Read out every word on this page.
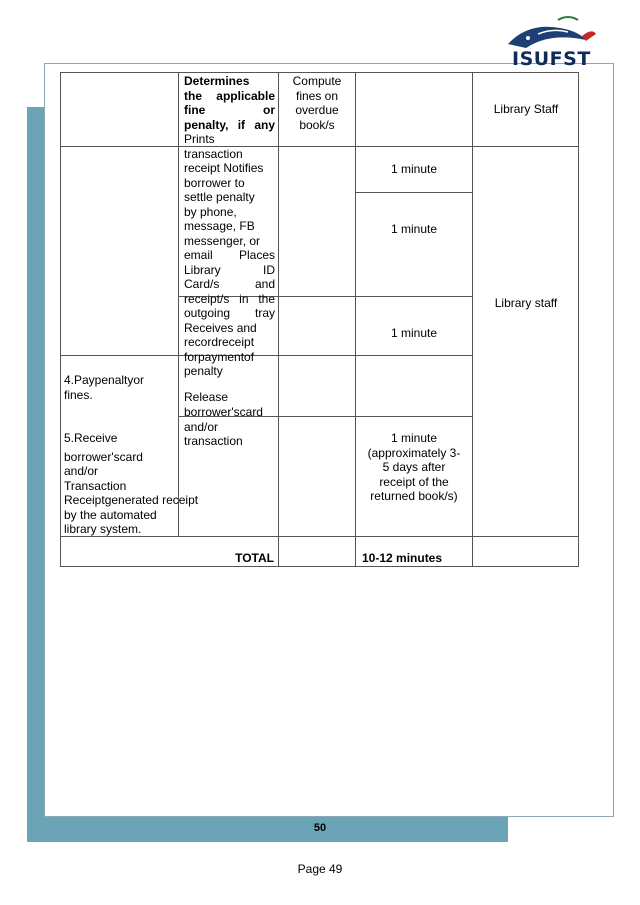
ISUFST
Determines
the applicable
fine or
penalty, if any
Compute
fines on
overdue
book/s
Library Staff
Prints
transaction
receipt Notifies
borrower to
settle penalty
by phone,
message, FB
messenger, or
email Places
Library ID
Card/s and
receipt/s in the
outgoing tray
Receives and
recordreceipt
forpaymentof
penalty
1 minute
1 minute
1 minute
Library staff
4.Paypenaltyor
fines.	Release
borrower'scard
and/or
transaction
5.Receive
borrower'scard
and/or
Transaction
Receiptgenerated receipt
by the automated
library system.
1 minute
(approximately 3-
5 days after
receipt of the
returned book/s)
TOTAL	10-12 minutes
50
Page 49
